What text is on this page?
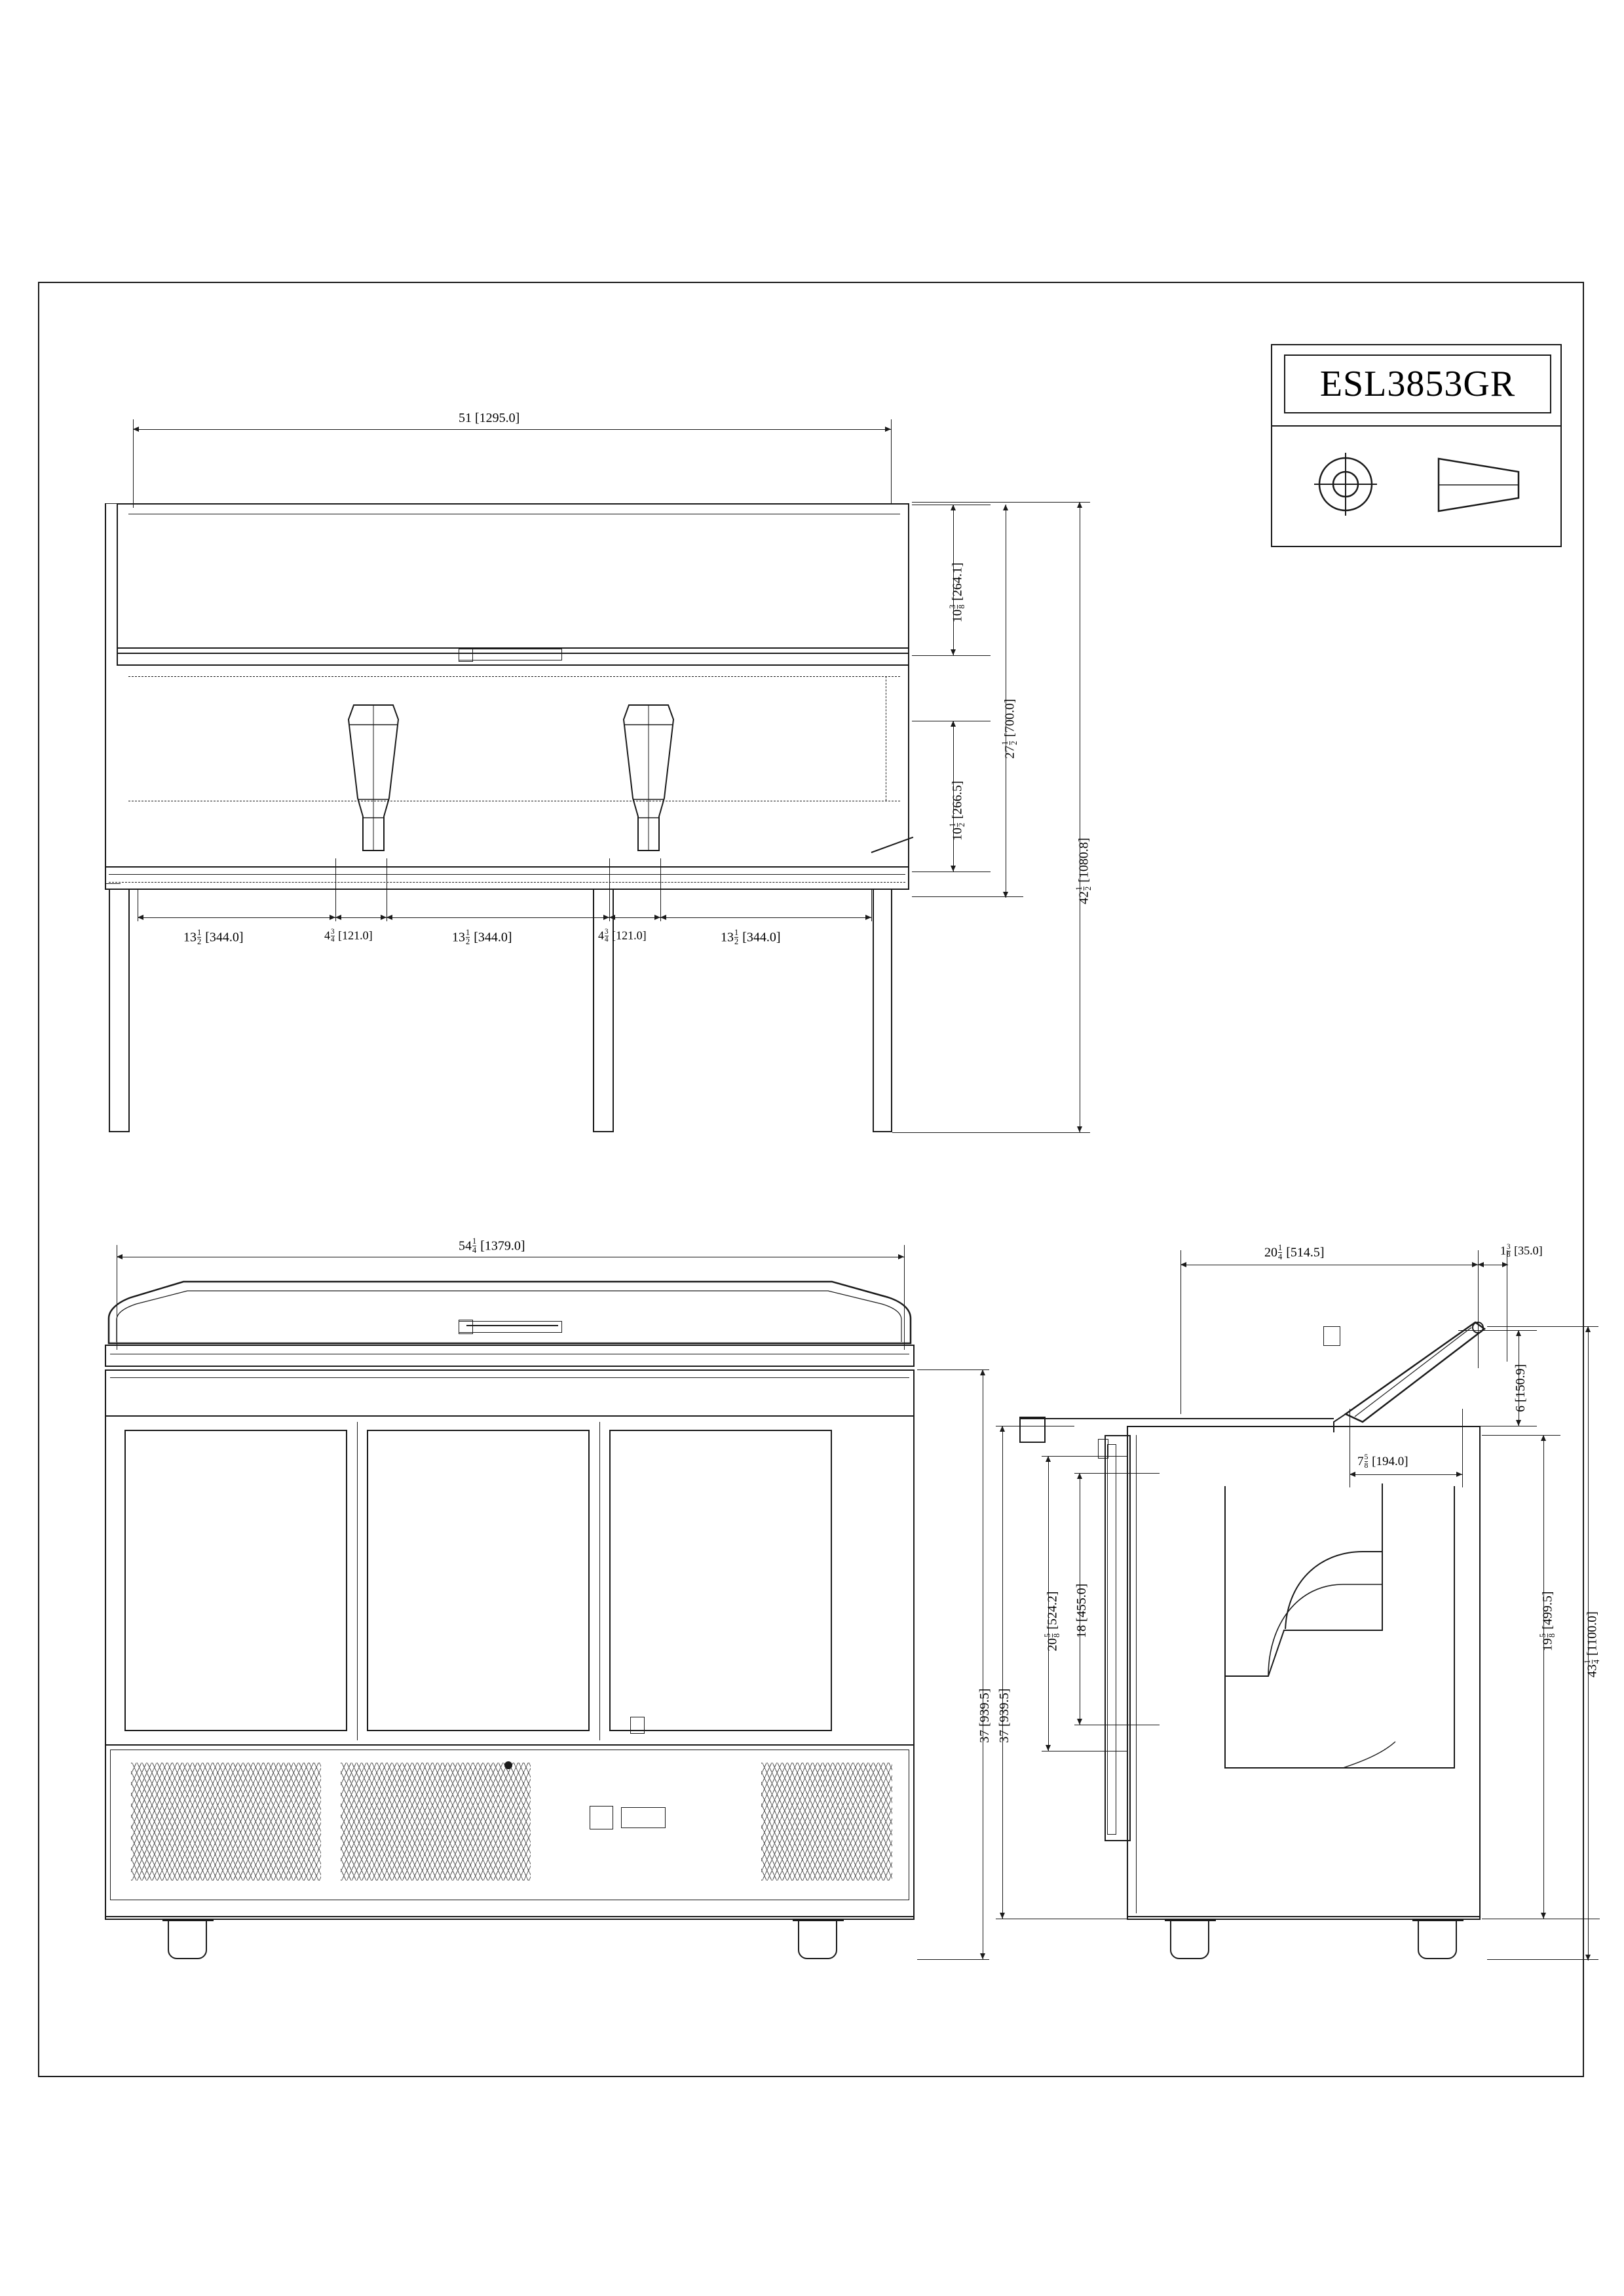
ESL3853GR
51 [1295.0]
10
3 8
[264.1]
10
1 2
[266.5]
27
1 2
[700.0]
42
1 2
[1080.8]
$13 \frac{1}{2} [344.0]$	$4 \frac{3}{4} [121.0]$	$13 \frac{1}{2} [344.0]$	$4 \frac{3}{4} [121.0]$	$13 \frac{1}{2} [344.0]$
$54 \frac{1}{4} [1379.0]$
37 [939.5]
$20 \frac{1}{4} [514.5]$	$1 \frac{3}{8} [35.0]$
6 [150.9]
$7 \frac{5}{8} [194.0]$
37 [939.5]
20
5 8
[524.2] 18 [455.0]
19
5 8
[499.5]
43
1 4
[1100.0]
